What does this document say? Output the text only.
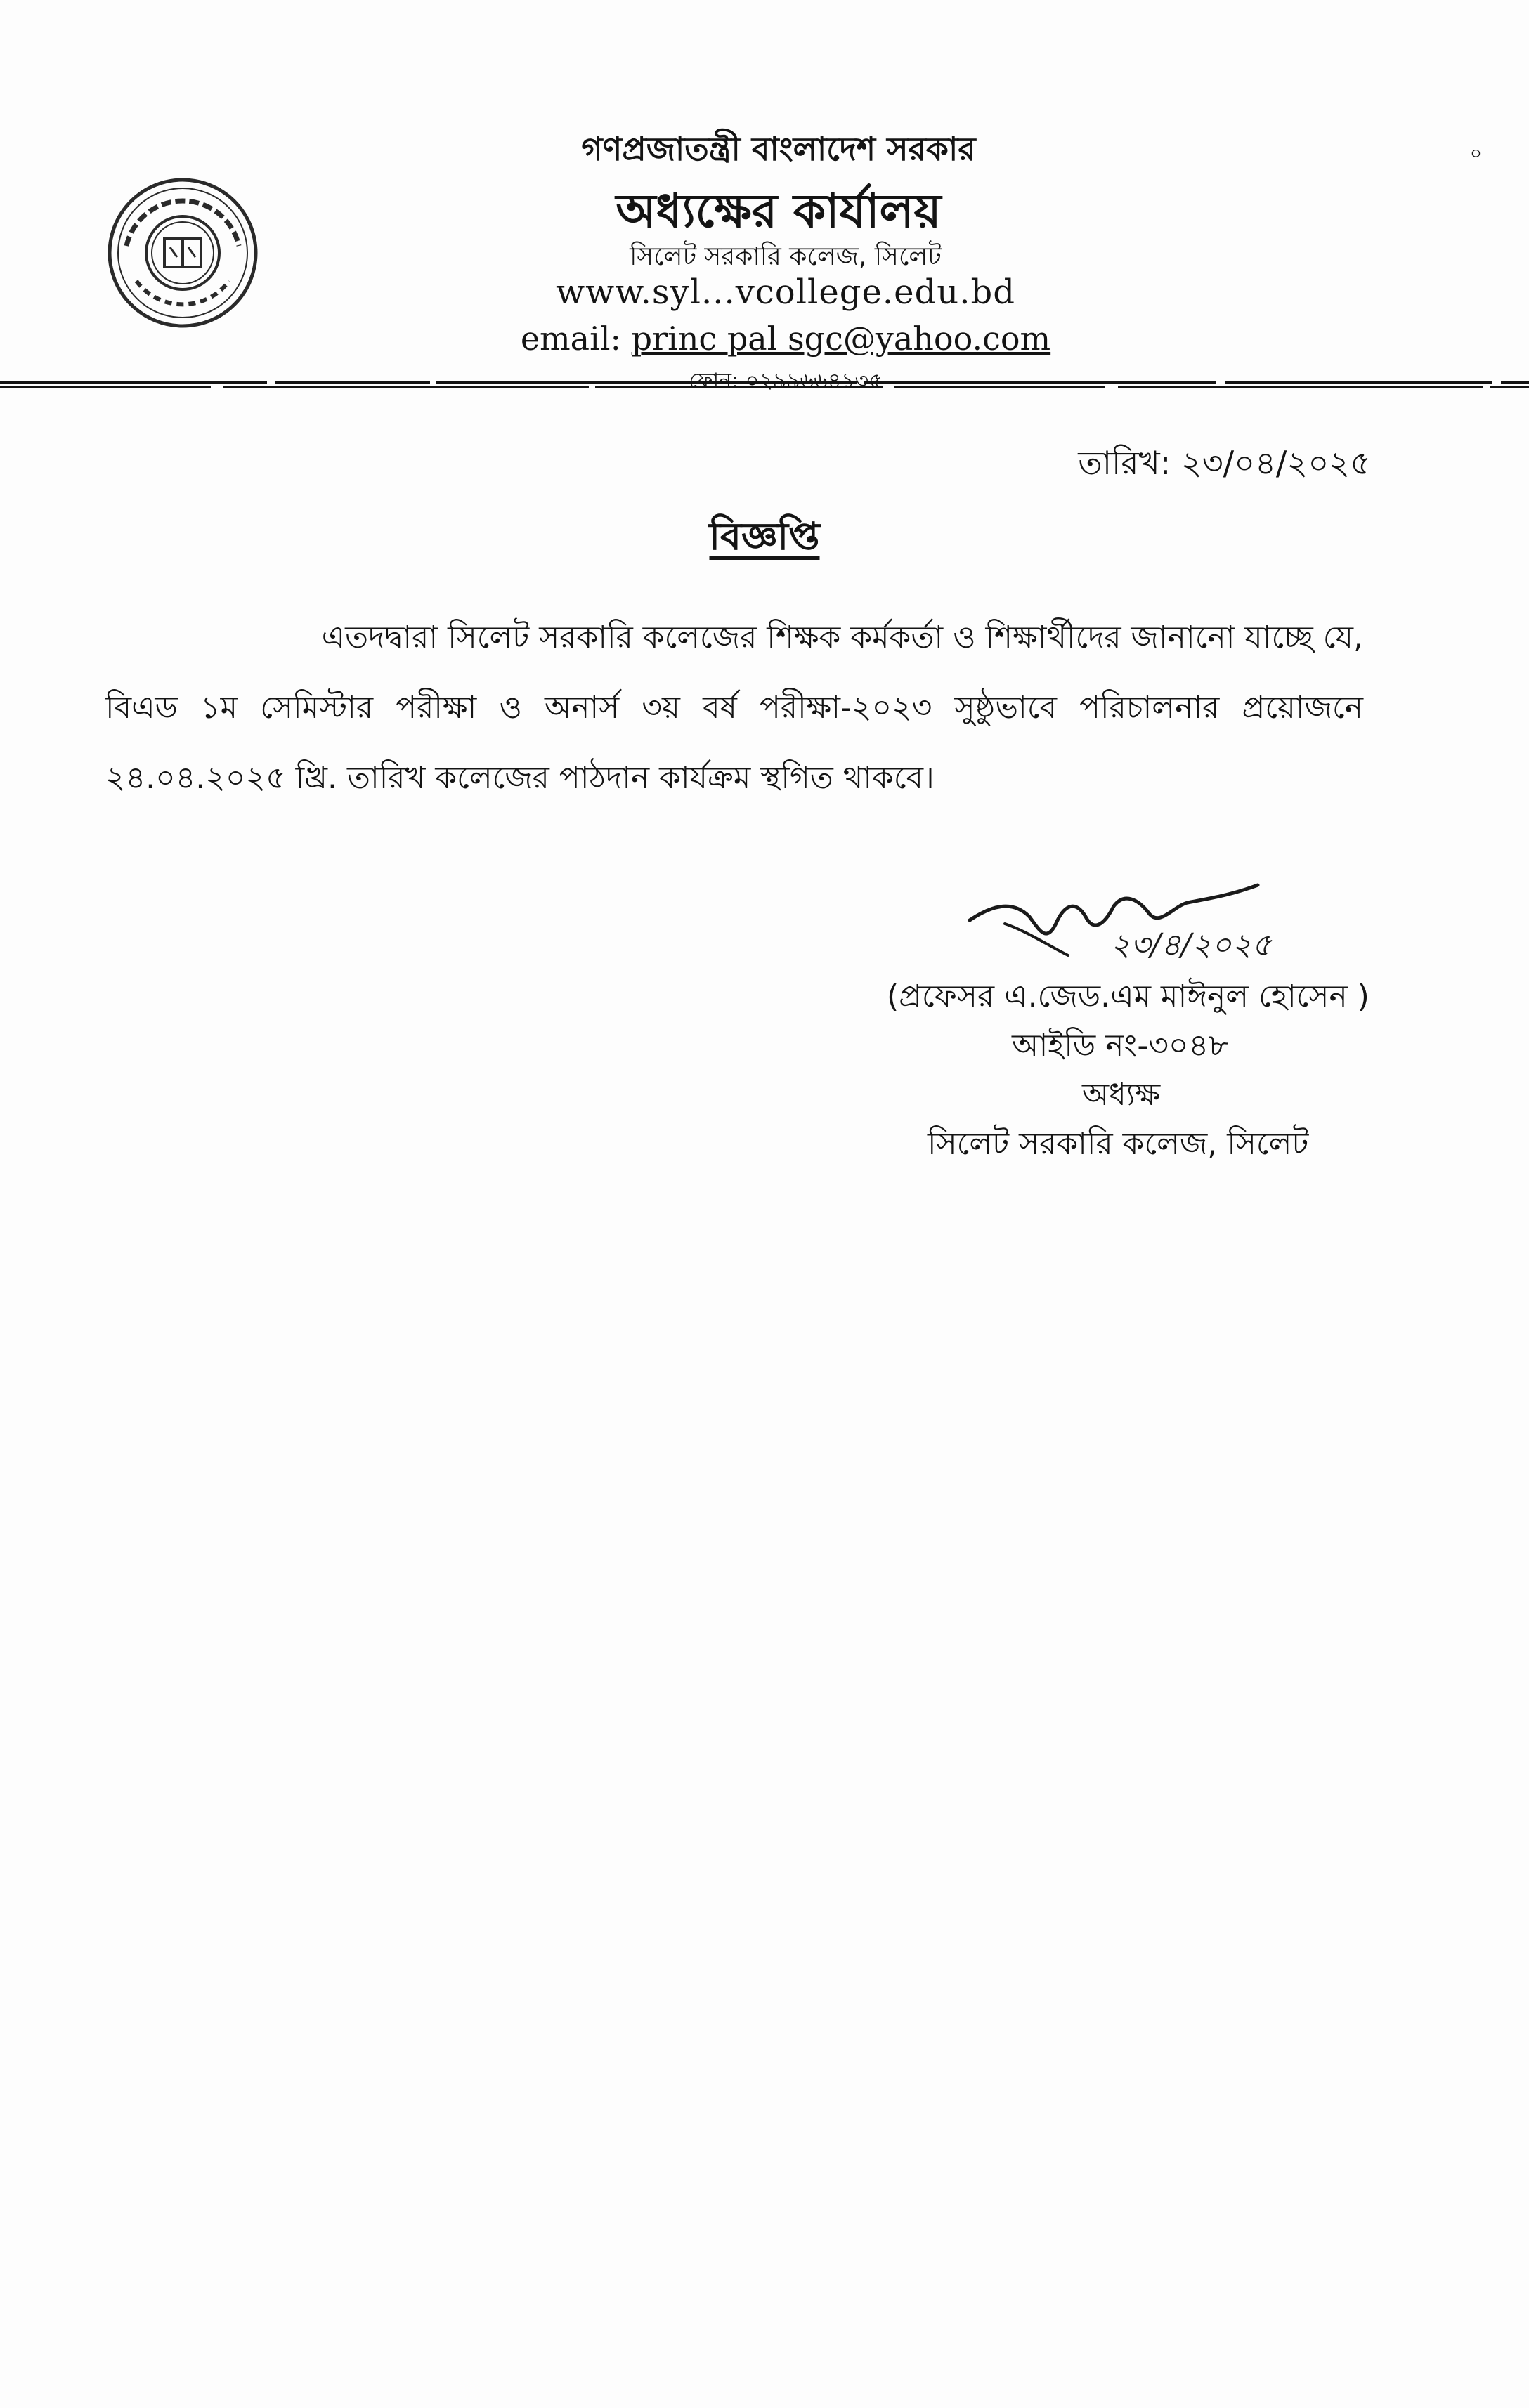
০
গণপ্রজাতন্ত্রী বাংলাদেশ সরকার
অধ্যক্ষের কার্যালয়
সিলেট সরকারি কলেজ, সিলেট
www.syl...vcollege.edu.bd
email: princ pal sgc@yahoo.com
ফোন: ০২৯৯৬৬৪১৩৫
তারিখ: ২৩/০৪/২০২৫
বিজ্ঞপ্তি
এতদদ্বারা সিলেট সরকারি কলেজের শিক্ষক কর্মকর্তা ও শিক্ষার্থীদের জানানো যাচ্ছে যে,
বিএড ১ম সেমিস্টার পরীক্ষা ও অনার্স ৩য় বর্ষ পরীক্ষা-২০২৩ সুষ্ঠুভাবে পরিচালনার প্রয়োজনে
২৪.০৪.২০২৫ খ্রি. তারিখ কলেজের পাঠদান কার্যক্রম স্থগিত থাকবে।
২৩/৪/২০২৫
(প্রফেসর এ.জেড.এম মাঈনুল হোসেন )
আইডি নং-৩০৪৮
অধ্যক্ষ
সিলেট সরকারি কলেজ, সিলেট
